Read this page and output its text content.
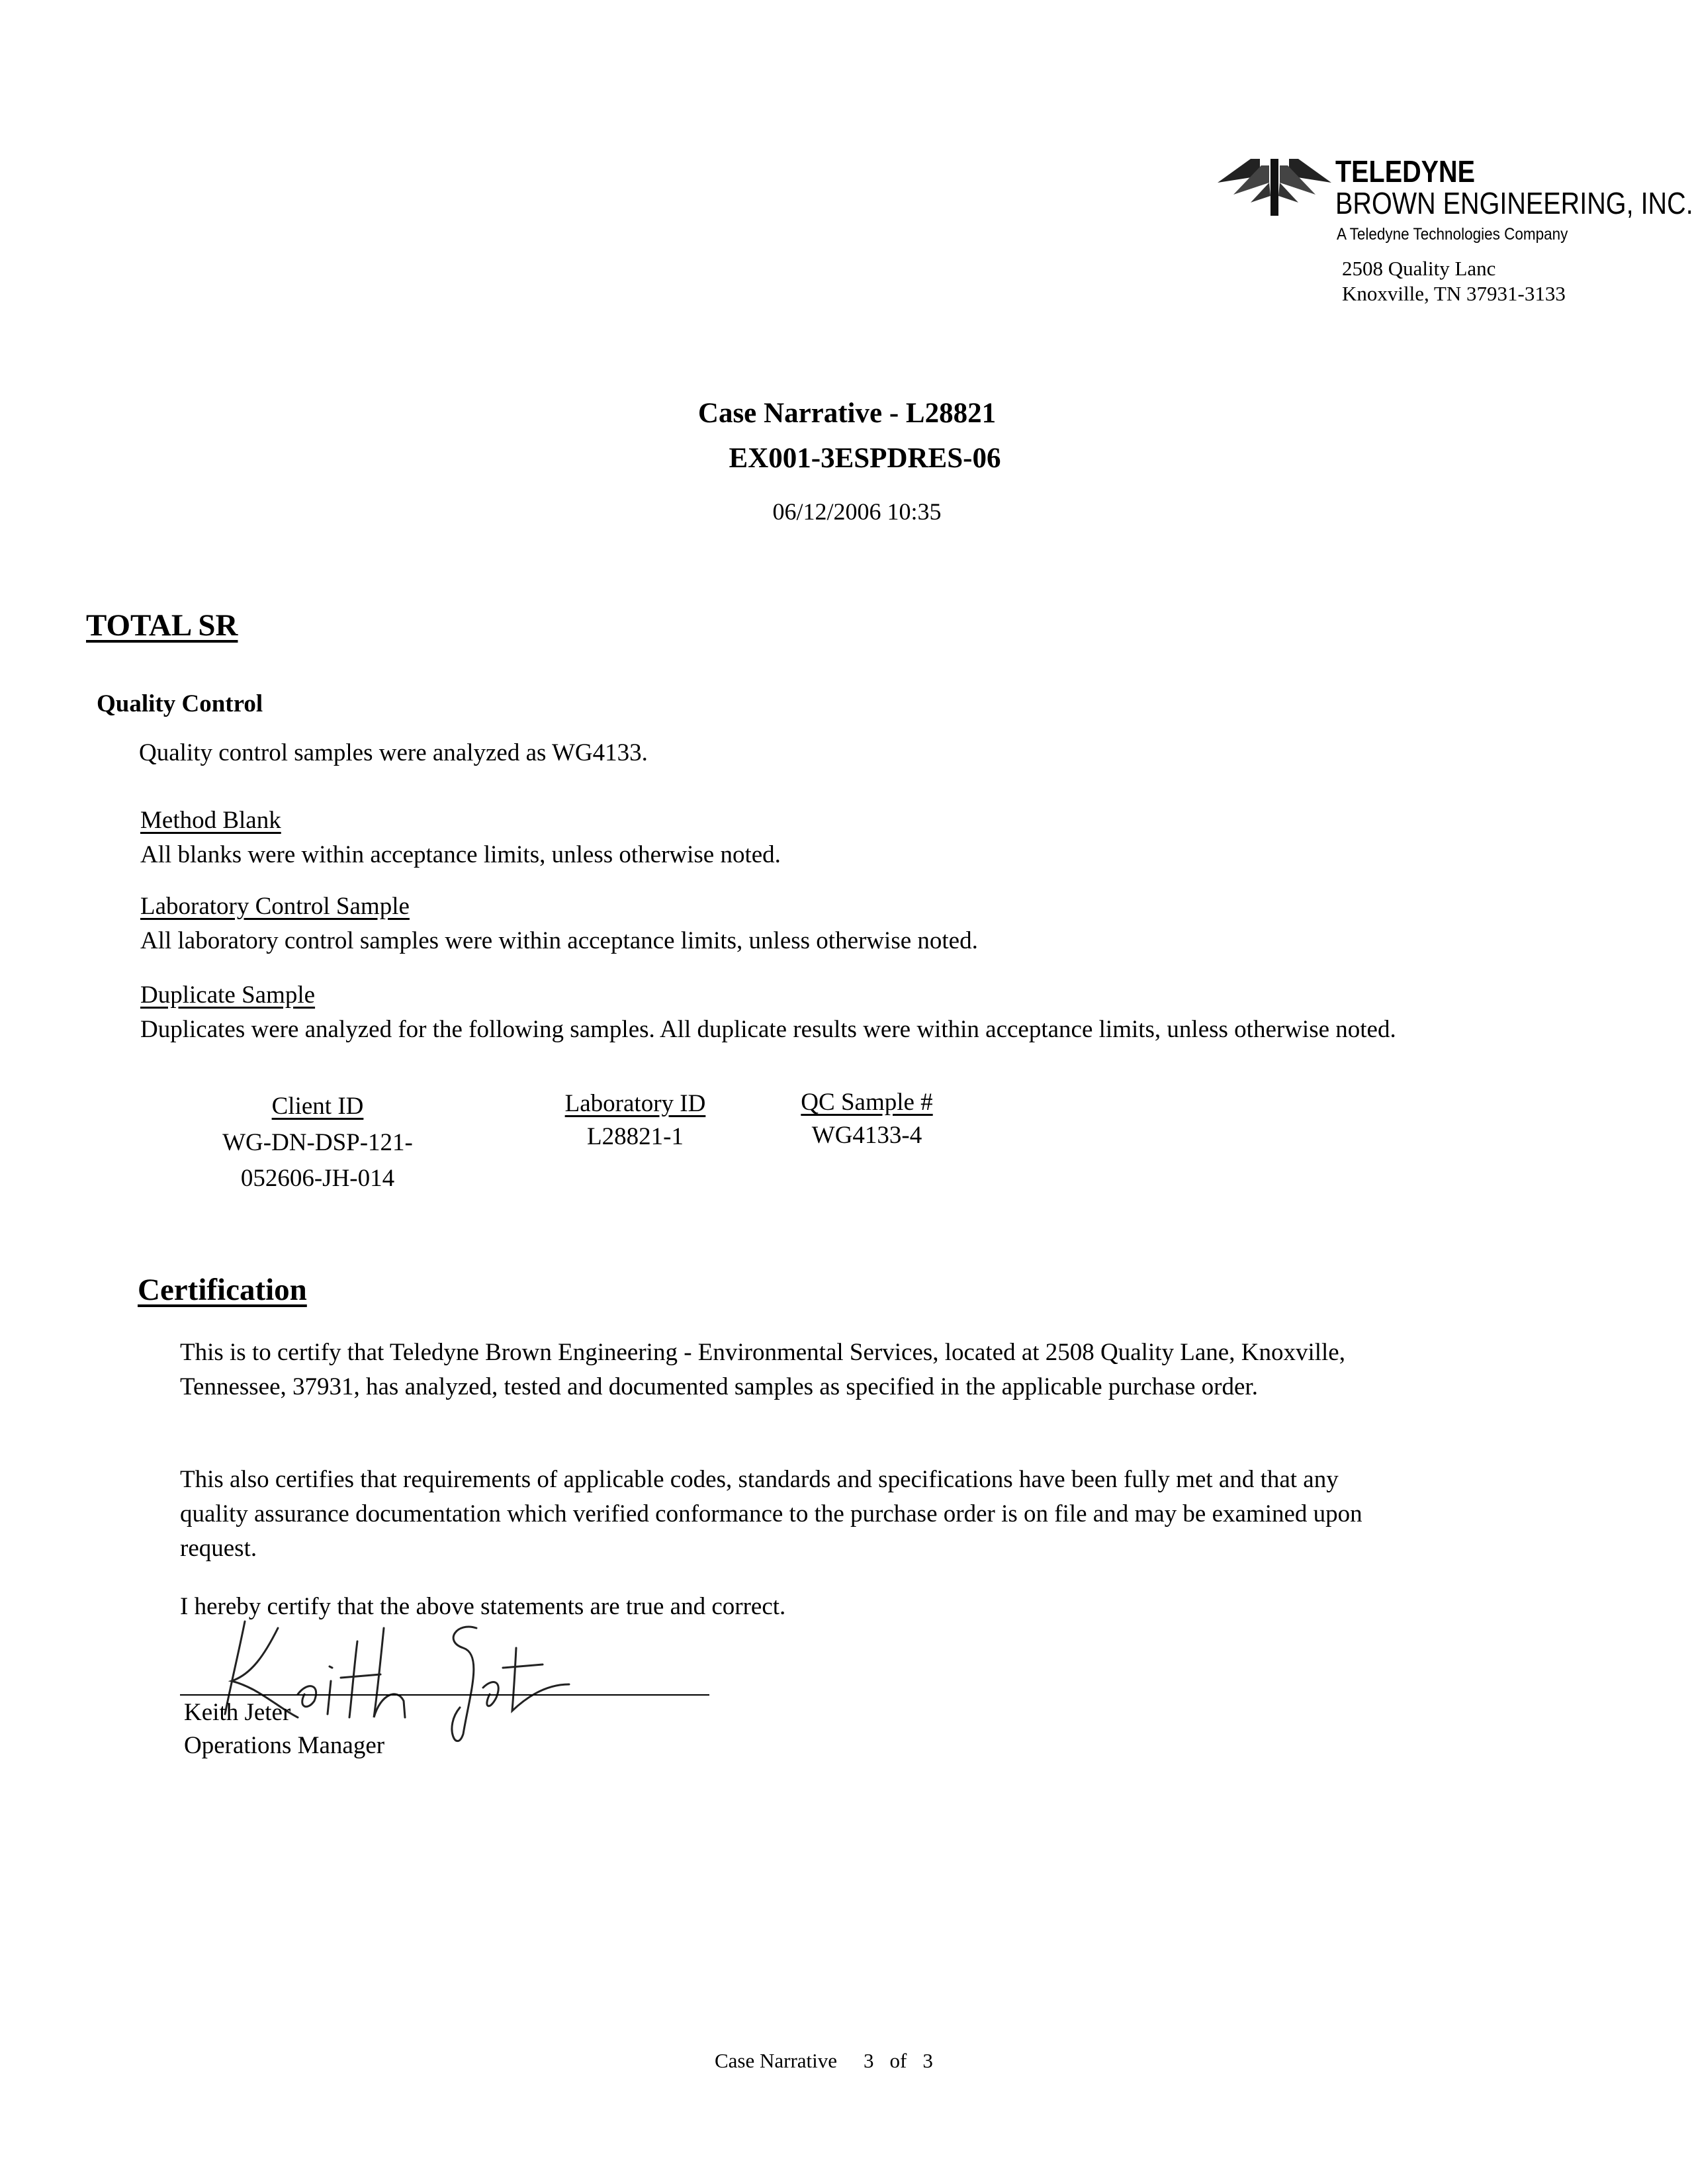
TELEDYNE
BROWN ENGINEERING, INC.
A Teledyne Technologies Company
2508 Quality Lanc
Knoxville, TN 37931-3133
Case Narrative - L28821
EX001-3ESPDRES-06
06/12/2006 10:35
TOTAL SR
Quality Control
Quality control samples were analyzed as WG4133.
Method Blank
All blanks were within acceptance limits, unless otherwise noted.
Laboratory Control Sample
All laboratory control samples were within acceptance limits, unless otherwise noted.
Duplicate Sample
Duplicates were analyzed for the following samples. All duplicate results were within acceptance limits, unless otherwise noted.
Client ID	Laboratory ID	QC Sample #
WG-DN-DSP-121-
052606-JH-014
L28821-1	WG4133-4
Certification
This is to certify that Teledyne Brown Engineering - Environmental Services, located at 2508 Quality Lane, Knoxville, Tennessee, 37931, has analyzed, tested and documented samples as specified in the applicable purchase order.
This also certifies that requirements of applicable codes, standards and specifications have been fully met and that any quality assurance documentation which verified conformance to the purchase order is on file and may be examined upon request.
I hereby certify that the above statements are true and correct.
Keith Jeter
Operations Manager
Case Narrative 3 of 3
